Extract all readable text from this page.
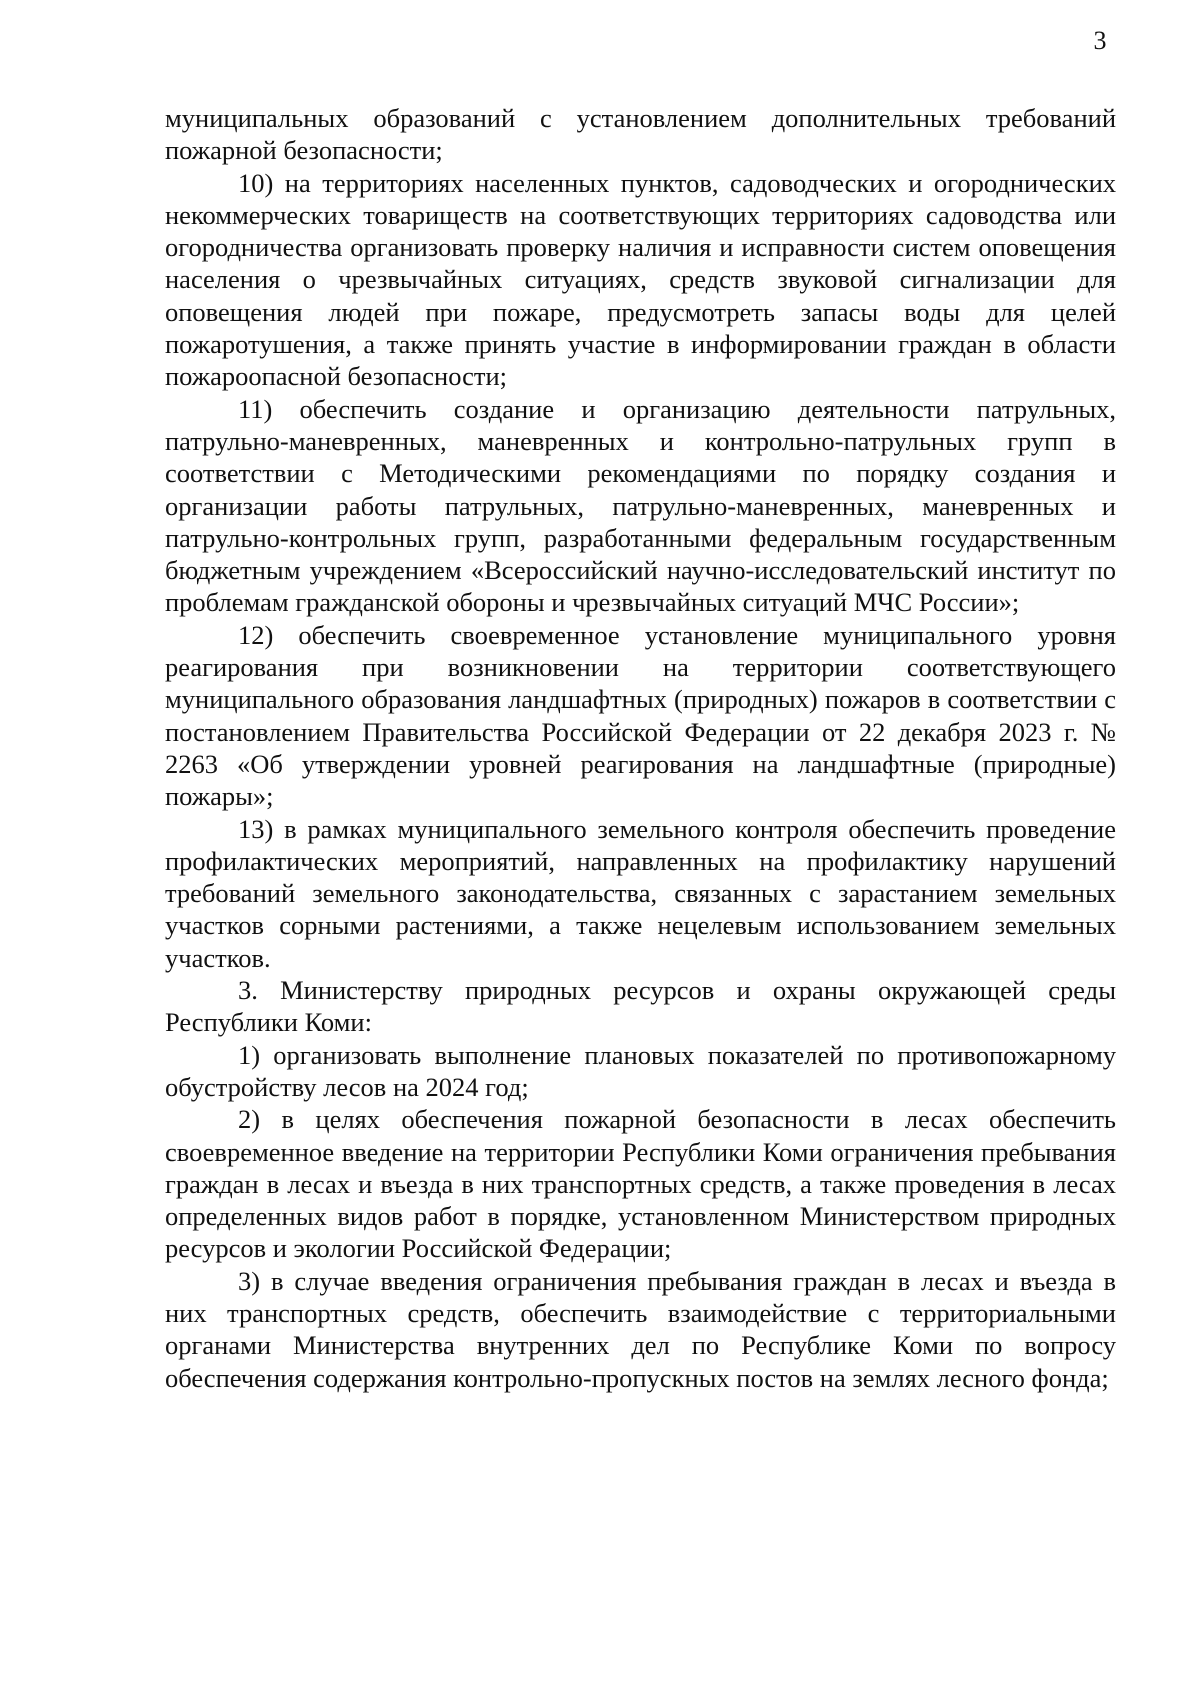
3

муниципальных образований с установлением дополнительных требований пожарной безопасности;

10) на территориях населенных пунктов, садоводческих и огороднических некоммерческих товариществ на соответствующих территориях садоводства или огородничества организовать проверку наличия и исправности систем оповещения населения о чрезвычайных ситуациях, средств звуковой сигнализации для оповещения людей при пожаре, предусмотреть запасы воды для целей пожаротушения, а также принять участие в информировании граждан в области пожароопасной безопасности;

11) обеспечить создание и организацию деятельности патрульных, патрульно-маневренных, маневренных и контрольно-патрульных групп в соответствии с Методическими рекомендациями по порядку создания и организации работы патрульных, патрульно-маневренных, маневренных и патрульно-контрольных групп, разработанными федеральным государственным бюджетным учреждением «Всероссийский научно-исследовательский институт по проблемам гражданской обороны и чрезвычайных ситуаций МЧС России»;

12) обеспечить своевременное установление муниципального уровня реагирования при возникновении на территории соответствующего муниципального образования ландшафтных (природных) пожаров в соответствии с постановлением Правительства Российской Федерации от 22 декабря 2023 г. № 2263 «Об утверждении уровней реагирования на ландшафтные (природные) пожары»;

13) в рамках муниципального земельного контроля обеспечить проведение профилактических мероприятий, направленных на профилактику нарушений требований земельного законодательства, связанных с зарастанием земельных участков сорными растениями, а также нецелевым использованием земельных участков.

3. Министерству природных ресурсов и охраны окружающей среды Республики Коми:

1) организовать выполнение плановых показателей по противопожарному обустройству лесов на 2024 год;

2) в целях обеспечения пожарной безопасности в лесах обеспечить своевременное введение на территории Республики Коми ограничения пребывания граждан в лесах и въезда в них транспортных средств, а также проведения в лесах определенных видов работ в порядке, установленном Министерством природных ресурсов и экологии Российской Федерации;

3) в случае введения ограничения пребывания граждан в лесах и въезда в них транспортных средств, обеспечить взаимодействие с территориальными органами Министерства внутренних дел по Республике Коми по вопросу обеспечения содержания контрольно-пропускных постов на землях лесного фонда;
